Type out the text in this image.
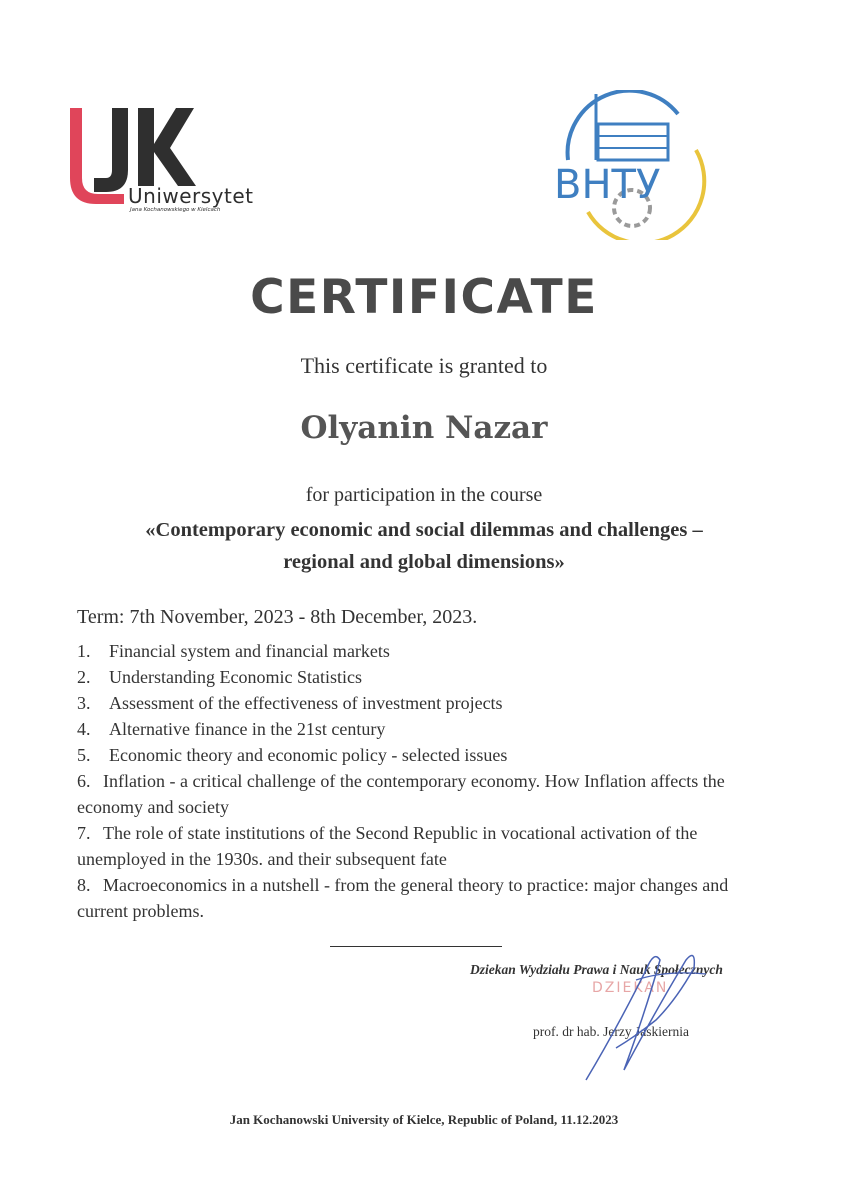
Uniwersytet
Jana Kochanowskiego w Kielcach
ВНТУ
CERTIFICATE
This certificate is granted to
Olyanin Nazar
for participation in the course
«Contemporary economic and social dilemmas and challenges –
regional and global dimensions»
Term: 7th November, 2023 - 8th December, 2023.
1. Financial system and financial markets
2. Understanding Economic Statistics
3. Assessment of the effectiveness of investment projects
4. Alternative finance in the 21st century
5. Economic theory and economic policy - selected issues
6. Inflation - a critical challenge of the contemporary economy. How Inflation affects the economy and society
7. The role of state institutions of the Second Republic in vocational activation of the unemployed in the 1930s. and their subsequent fate
8. Macroeconomics in a nutshell - from the general theory to practice: major changes and current problems.
Dziekan Wydziału Prawa i Nauk Społecznych
DZIEKAN
prof. dr hab. Jerzy Jaskiernia
Jan Kochanowski University of Kielce, Republic of Poland, 11.12.2023
